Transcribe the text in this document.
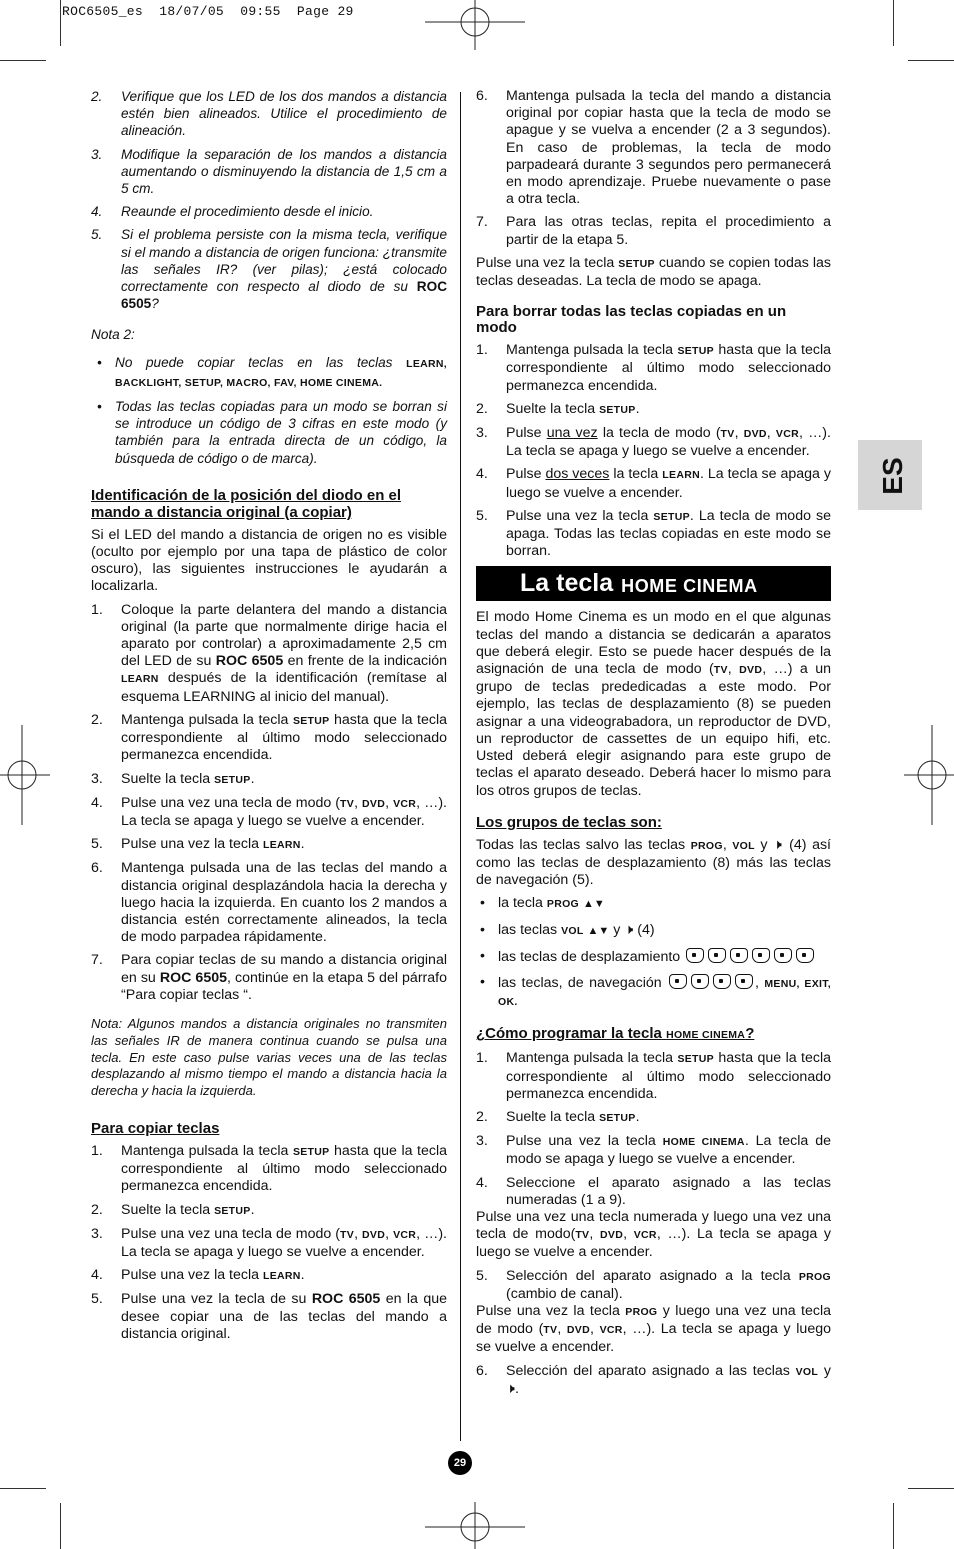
ROC6505_es  18/07/05  09:55  Page 29
ES
2. Verifique que los LED de los dos mandos a distancia estén bien alineados. Utilice el procedimiento de alineación.
3. Modifique la separación de los mandos a distancia aumentando o disminuyendo la distancia de 1,5 cm a 5 cm.
4. Reaunde el procedimiento desde el inicio.
5. Si el problema persiste con la misma tecla, verifique si el mando a distancia de origen funciona: ¿transmite las señales IR? (ver pilas); ¿está colocado correctamente con respecto al diodo de su ROC 6505?

Nota 2:

• No puede copiar teclas en las teclas LEARN, BACKLIGHT, SETUP, MACRO, FAV, HOME CINEMA.
• Todas las teclas copiadas para un modo se borran si se introduce un código de 3 cifras en este modo (y también para la entrada directa de un código, la búsqueda de código o de marca).
Identificación de la posición del diodo en el mando a distancia original (a copiar)

Si el LED del mando a distancia de origen no es visible (oculto por ejemplo por una tapa de plástico de color oscuro), las siguientes instrucciones le ayudarán a localizarla.

1. Coloque la parte delantera del mando a distancia original (la parte que normalmente dirige hacia el aparato por controlar) a aproximadamente 2,5 cm del LED de su ROC 6505 en frente de la indicación LEARN después de la identificación (remítase al esquema LEARNING al inicio del manual).
2. Mantenga pulsada la tecla SETUP hasta que la tecla correspondiente al último modo seleccionado permanezca encendida.
3. Suelte la tecla SETUP.
4. Pulse una vez una tecla de modo (TV, DVD, VCR, …). La tecla se apaga y luego se vuelve a encender.
5. Pulse una vez la tecla LEARN.
6. Mantenga pulsada una de las teclas del mando a distancia original desplazándola hacia la derecha y luego hacia la izquierda. En cuanto los 2 mandos a distancia estén correctamente alineados, la tecla de modo parpadea rápidamente.
7. Para copiar teclas de su mando a distancia original en su ROC 6505, continúe en la etapa 5 del párrafo “Para copiar teclas “.

Nota: Algunos mandos a distancia originales no transmiten las señales IR de manera continua cuando se pulsa una tecla. En este caso pulse varias veces una de las teclas desplazando al mismo tiempo el mando a distancia hacia la derecha y hacia la izquierda.

Para copiar teclas
1. Mantenga pulsada la tecla SETUP hasta que la tecla correspondiente al último modo seleccionado permanezca encendida.
2. Suelte la tecla SETUP.
3. Pulse una vez una tecla de modo (TV, DVD, VCR, …). La tecla se apaga y luego se vuelve a encender.
4. Pulse una vez la tecla LEARN.
5. Pulse una vez la tecla de su ROC 6505 en la que desee copiar una de las teclas del mando a distancia original.
6. Mantenga pulsada la tecla del mando a distancia original por copiar hasta que la tecla de modo se apague y se vuelva a encender (2 a 3 segundos). En caso de problemas, la tecla de modo parpadeará durante 3 segundos pero permanecerá en modo aprendizaje. Pruebe nuevamente o pase a otra tecla.
7. Para las otras teclas, repita el procedimiento a partir de la etapa 5.

Pulse una vez la tecla SETUP cuando se copien todas las teclas deseadas. La tecla de modo se apaga.

Para borrar todas las teclas copiadas en un modo
1. Mantenga pulsada la tecla SETUP hasta que la tecla correspondiente al último modo seleccionado permanezca encendida.
2. Suelte la tecla SETUP.
3. Pulse una vez la tecla de modo (TV, DVD, VCR, …). La tecla se apaga y luego se vuelve a encender.
4. Pulse dos veces la tecla LEARN. La tecla se apaga y luego se vuelve a encender.
5. Pulse una vez la tecla SETUP. La tecla de modo se apaga. Todas las teclas copiadas en este modo se borran.
La tecla HOME CINEMA

El modo Home Cinema es un modo en el que algunas teclas del mando a distancia se dedicarán a aparatos que deberá elegir. Esto se puede hacer después de la asignación de una tecla de modo (TV, DVD, …) a un grupo de teclas prededicadas a este modo. Por ejemplo, las teclas de desplazamiento (8) se pueden asignar a una videograbadora, un reproductor de DVD, un reproductor de cassettes de un equipo hifi, etc. Usted deberá elegir asignando para este grupo de teclas el aparato deseado. Deberá hacer lo mismo para los otros grupos de teclas.

Los grupos de teclas son:

Todas las teclas salvo las teclas PROG, VOL y 🕨︎ (4) así como las teclas de desplazamiento (8) más las teclas de navegación (5).

• la tecla PROG ▲▼
• las teclas VOL ▲▼ y 🕨︎ (4)
• las teclas de desplazamiento
• las teclas, de navegación	, MENU, EXIT, OK.
¿Cómo programar la tecla HOME CINEMA?
1. Mantenga pulsada la tecla SETUP hasta que la tecla correspondiente al último modo seleccionado permanezca encendida.
2. Suelte la tecla SETUP.
3. Pulse una vez la tecla HOME CINEMA. La tecla de modo se apaga y luego se vuelve a encender.
4. Seleccione el aparato asignado a las teclas numeradas (1 a 9).

Pulse una vez una tecla numerada y luego una vez una tecla de modo(TV, DVD, VCR, …). La tecla se apaga y luego se vuelve a encender.

5. Selección del aparato asignado a la tecla PROG (cambio de canal).

Pulse una vez la tecla PROG y luego una vez una tecla de modo (TV, DVD, VCR, …). La tecla se apaga y luego se vuelve a encender.

6. Selección del aparato asignado a las teclas VOL y 🕨︎.
29
